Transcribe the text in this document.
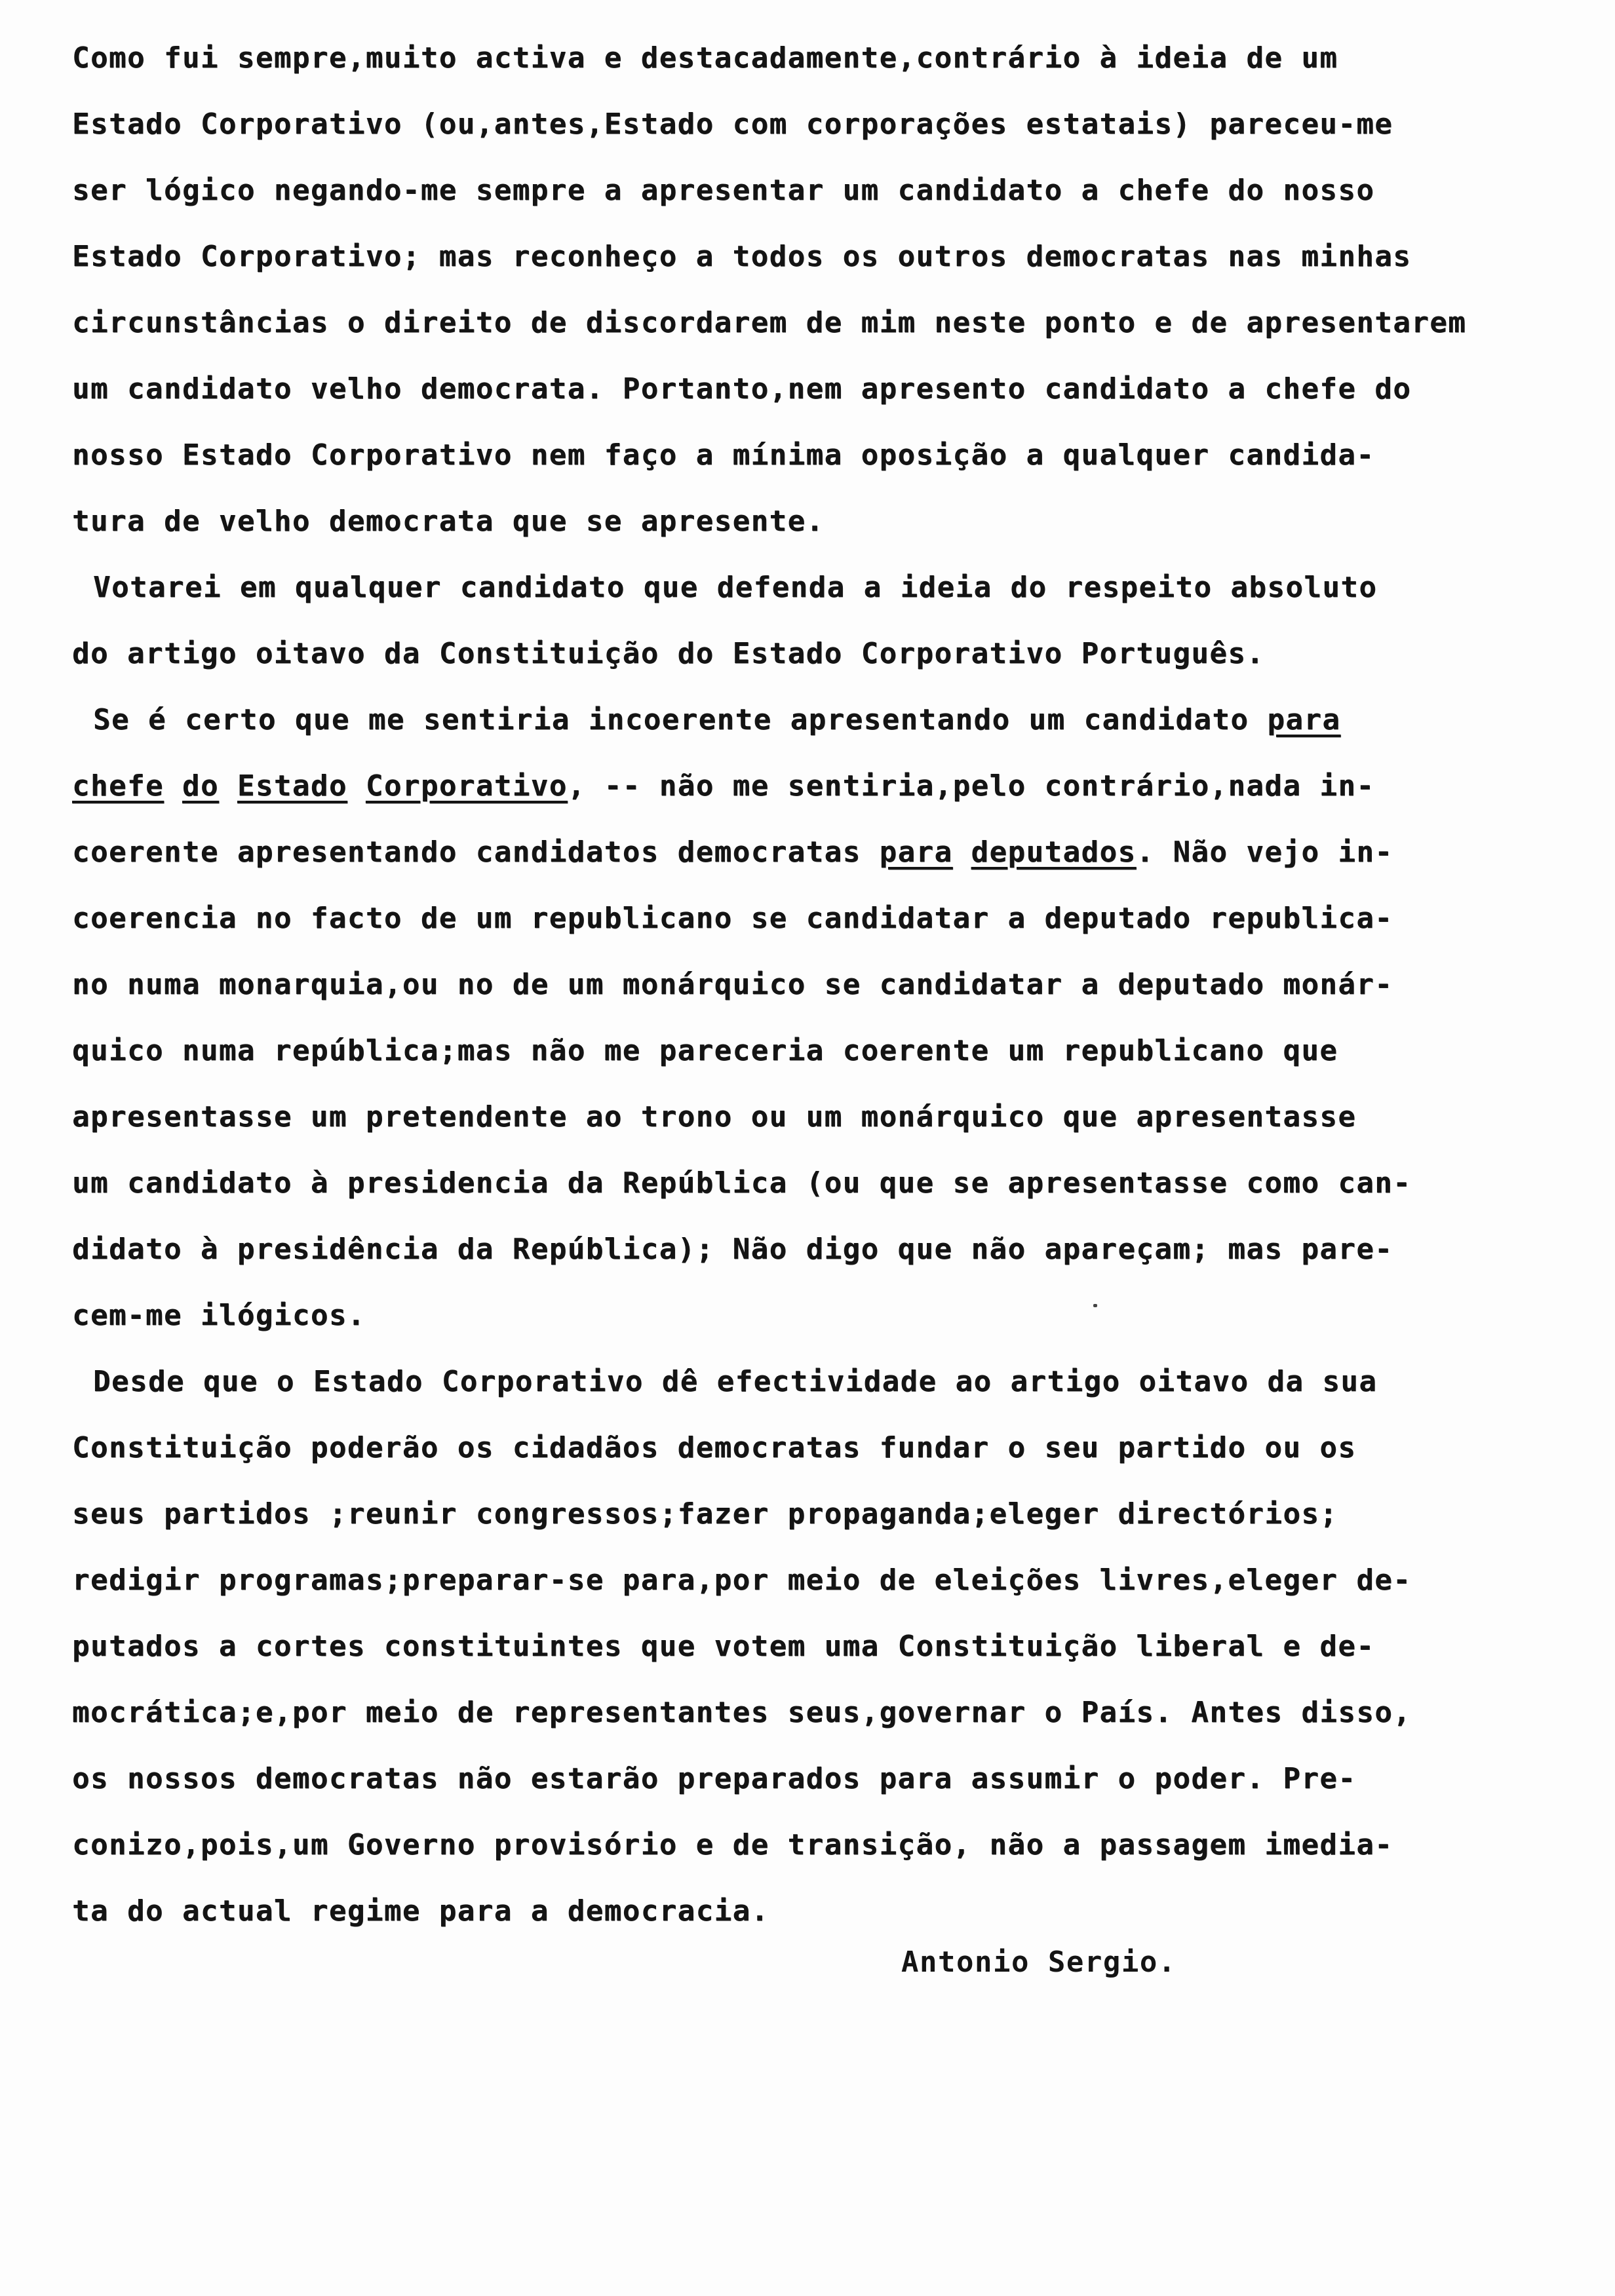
Como fui sempre,muito activa e destacadamente,contrário à ideia de um
Estado Corporativo (ou,antes,Estado com corporações estatais) pareceu-me
ser lógico negando-me sempre a apresentar um candidato a chefe do nosso
Estado Corporativo; mas reconheço a todos os outros democratas nas minhas
circunstâncias o direito de discordarem de mim neste ponto e de apresentarem
um candidato velho democrata. Portanto,nem apresento candidato a chefe do
nosso Estado Corporativo nem faço a mínima oposição a qualquer candida-
tura de velho democrata que se apresente.
Votarei em qualquer candidato que defenda a ideia do respeito absoluto
do artigo oitavo da Constituição do Estado Corporativo Português.
Se é certo que me sentiria incoerente apresentando um candidato para
chefe do Estado Corporativo, -- não me sentiria,pelo contrário,nada in-
coerente apresentando candidatos democratas para deputados. Não vejo in-
coerencia no facto de um republicano se candidatar a deputado republica-
no numa monarquia,ou no de um monárquico se candidatar a deputado monár-
quico numa república;mas não me pareceria coerente um republicano que
apresentasse um pretendente ao trono ou um monárquico que apresentasse
um candidato à presidencia da República (ou que se apresentasse como can-
didato à presidência da República); Não digo que não apareçam; mas pare-
cem-me ilógicos.
Desde que o Estado Corporativo dê efectividade ao artigo oitavo da sua
Constituição poderão os cidadãos democratas fundar o seu partido ou os
seus partidos ;reunir congressos;fazer propaganda;eleger directórios;
redigir programas;preparar-se para,por meio de eleições livres,eleger de-
putados a cortes constituintes que votem uma Constituição liberal e de-
mocrática;e,por meio de representantes seus,governar o País. Antes disso,
os nossos democratas não estarão preparados para assumir o poder. Pre-
conizo,pois,um Governo provisório e de transição, não a passagem imedia-
ta do actual regime para a democracia.
Antonio Sergio.
